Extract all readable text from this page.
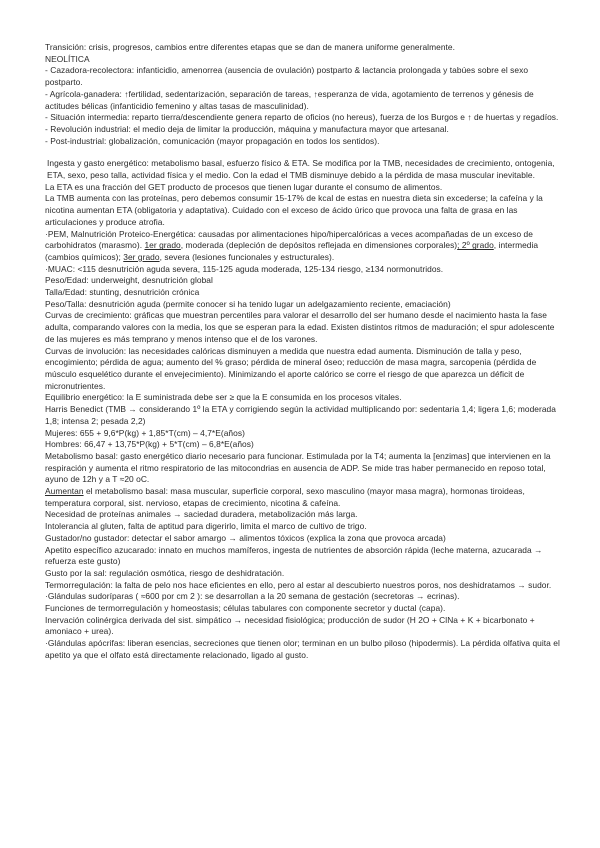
Transición: crisis, progresos, cambios entre diferentes etapas que se dan de manera uniforme generalmente.

NEOLÍTICA

- Cazadora-recolectora: infanticidio, amenorrea (ausencia de ovulación) postparto & lactancia prolongada y tabúes sobre el sexo postparto.

- Agrícola-ganadera: ↑fertilidad, sedentarización, separación de tareas, ↑esperanza de vida, agotamiento de terrenos y génesis de actitudes bélicas (infanticidio femenino y altas tasas de masculinidad).

- Situación intermedia: reparto tierra/descendiente genera reparto de oficios (no hereus), fuerza de los Burgos e ↑ de huertas y regadíos.

- Revolución industrial: el medio deja de limitar la producción, máquina y manufactura mayor que artesanal.

- Post-industrial: globalización, comunicación (mayor propagación en todos los sentidos).

Ingesta y gasto energético: metabolismo basal, esfuerzo físico & ETA. Se modifica por la TMB, necesidades de crecimiento, ontogenia, ETA, sexo, peso talla, actividad física y el medio. Con la edad el TMB disminuye debido a la pérdida de masa muscular inevitable.

La ETA es una fracción del GET producto de procesos que tienen lugar durante el consumo de alimentos.

La TMB aumenta con las proteínas, pero debemos consumir 15-17% de kcal de estas en nuestra dieta sin excederse; la cafeína y la nicotina aumentan ETA (obligatoria y adaptativa). Cuidado con el exceso de ácido úrico que provoca una falta de grasa en las articulaciones y produce atrofia.

·PEM, Malnutrición Proteico-Energética: causadas por alimentaciones hipo/hipercalóricas a veces acompañadas de un exceso de carbohidratos (marasmo). 1er grado, moderada (depleción de depósitos reflejada en dimensiones corporales); 2º grado, intermedia (cambios químicos); 3er grado, severa (lesiones funcionales y estructurales).

·MUAC: <115 desnutrición aguda severa, 115-125 aguda moderada, 125-134 riesgo, ≥134 normonutridos.

Peso/Edad: underweight, desnutrición global

Talla/Edad: stunting, desnutrición crónica

Peso/Talla: desnutrición aguda (permite conocer si ha tenido lugar un adelgazamiento reciente, emaciación)

Curvas de crecimiento: gráficas que muestran percentiles para valorar el desarrollo del ser humano desde el nacimiento hasta la fase adulta, comparando valores con la media, los que se esperan para la edad. Existen distintos ritmos de maduración; el spur adolescente de las mujeres es más temprano y menos intenso que el de los varones.

Curvas de involución: las necesidades calóricas disminuyen a medida que nuestra edad aumenta. Disminución de talla y peso, encogimiento; pérdida de agua; aumento del % graso; pérdida de mineral óseo; reducción de masa magra, sarcopenia (pérdida de músculo esquelético durante el envejecimiento). Minimizando el aporte calórico se corre el riesgo de que aparezca un déficit de micronutrientes.

Equilibrio energético: la E suministrada debe ser ≥ que la E consumida en los procesos vitales.

Harris Benedict (TMB → considerando 1º la ETA y corrigiendo según la actividad multiplicando por: sedentaria 1,4; ligera 1,6; moderada 1,8; intensa 2; pesada 2,2)

Mujeres: 655 + 9,6*P(kg) + 1,85*T(cm) – 4,7*E(años)

Hombres: 66,47 + 13,75*P(kg) + 5*T(cm) – 6,8*E(años)

Metabolismo basal: gasto energético diario necesario para funcionar. Estimulada por la T4; aumenta la [enzimas] que intervienen en la respiración y aumenta el ritmo respiratorio de las mitocondrias en ausencia de ADP. Se mide tras haber permanecido en reposo total, ayuno de 12h y a T ≈20 oC.

Aumentan el metabolismo basal: masa muscular, superficie corporal, sexo masculino (mayor masa magra), hormonas tiroideas, temperatura corporal, sist. nervioso, etapas de crecimiento, nicotina & cafeína.

Necesidad de proteínas animales → saciedad duradera, metabolización más larga.

Intolerancia al gluten, falta de aptitud para digerirlo, limita el marco de cultivo de trigo.

Gustador/no gustador: detectar el sabor amargo → alimentos tóxicos (explica la zona que provoca arcada)

Apetito específico azucarado: innato en muchos mamíferos, ingesta de nutrientes de absorción rápida (leche materna, azucarada → refuerza este gusto)

Gusto por la sal: regulación osmótica, riesgo de deshidratación.

Termorregulación: la falta de pelo nos hace eficientes en ello, pero al estar al descubierto nuestros poros, nos deshidratamos → sudor.

·Glándulas sudoríparas ( ≈600 por cm 2 ): se desarrollan a la 20 semana de gestación (secretoras → ecrinas).

Funciones de termorregulación y homeostasis; células tabulares con componente secretor y ductal (capa).

Inervación colinérgica derivada del sist. simpático → necesidad fisiológica; producción de sudor (H 2O + ClNa + K + bicarbonato + amoniaco + urea).

·Glándulas apócrifas: liberan esencias, secreciones que tienen olor; terminan en un bulbo piloso (hipodermis). La pérdida olfativa quita el apetito ya que el olfato está directamente relacionado, ligado al gusto.
